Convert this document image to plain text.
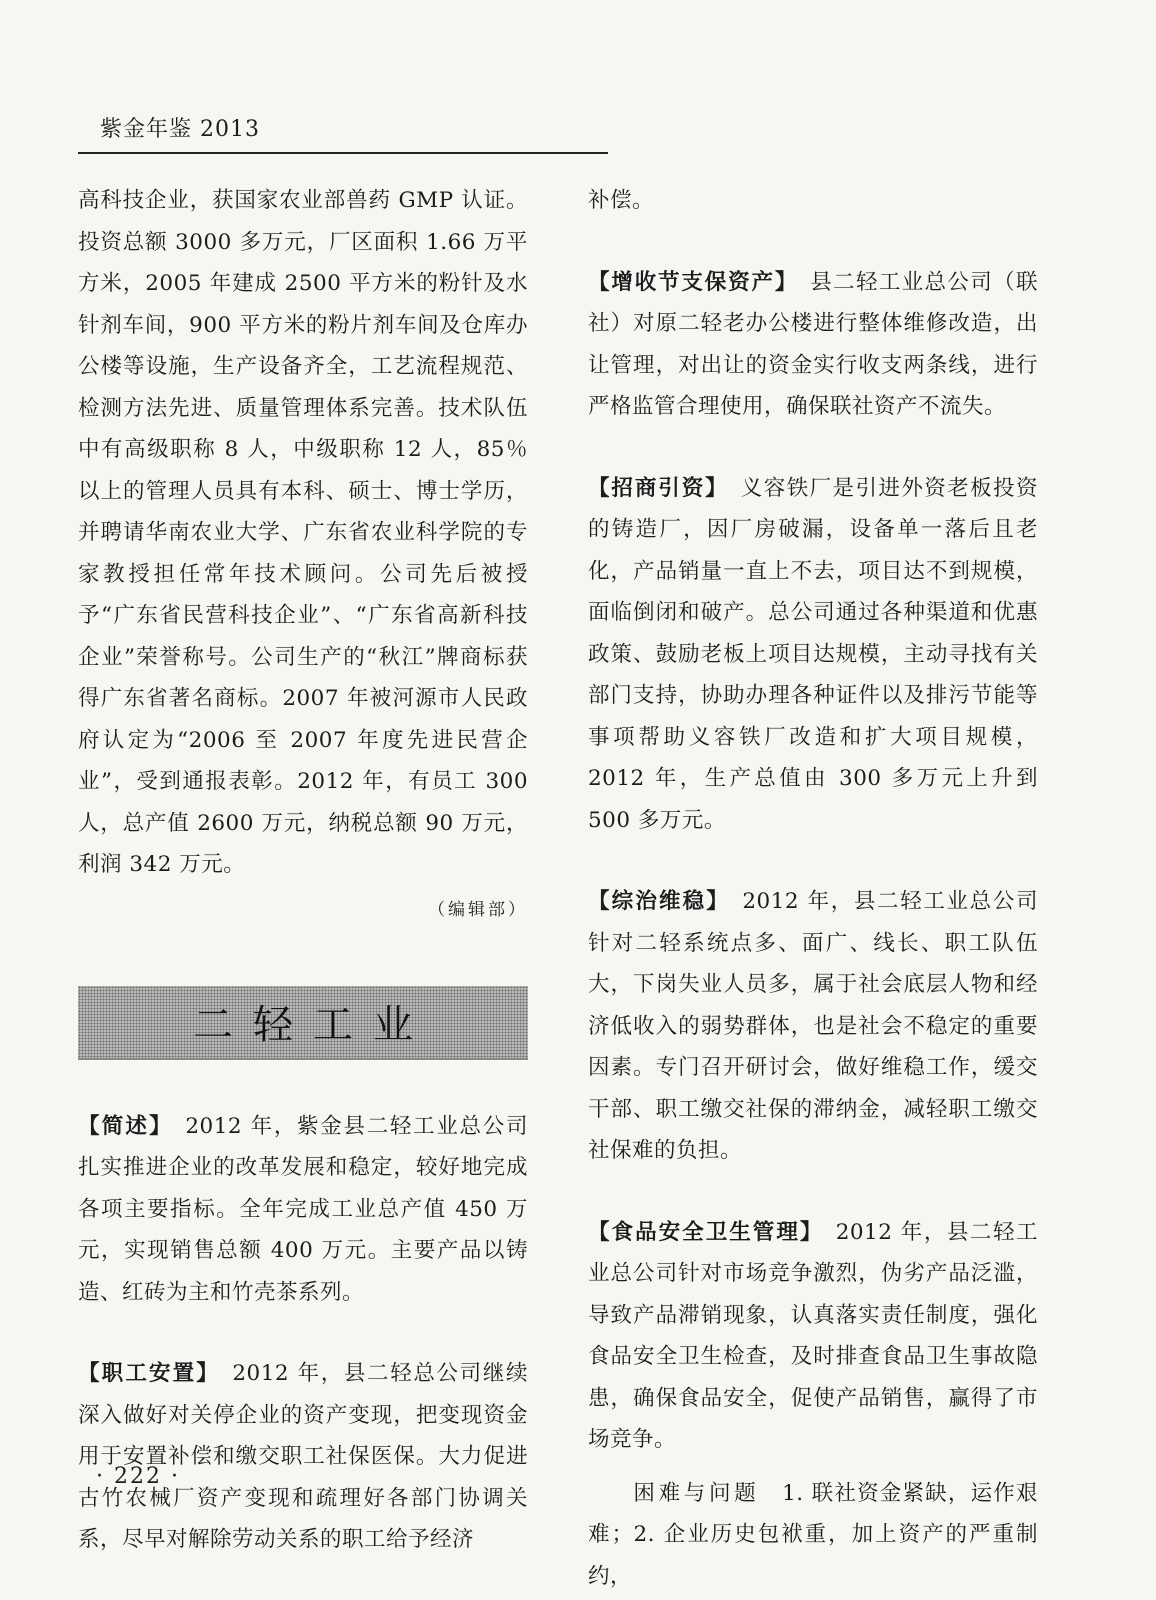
紫金年鉴 2013

高科技企业，获国家农业部兽药 GMP 认证。投资总额 3000 多万元，厂区面积 1.66 万平方米，2005 年建成 2500 平方米的粉针及水针剂车间，900 平方米的粉片剂车间及仓库办公楼等设施，生产设备齐全，工艺流程规范、检测方法先进、质量管理体系完善。技术队伍中有高级职称 8 人，中级职称 12 人，85％以上的管理人员具有本科、硕士、博士学历，并聘请华南农业大学、广东省农业科学院的专家教授担任常年技术顾问。公司先后被授予“广东省民营科技企业”、“广东省高新科技企业”荣誉称号。公司生产的“秋江”牌商标获得广东省著名商标。2007 年被河源市人民政府认定为“2006 至 2007 年度先进民营企业”，受到通报表彰。2012 年，有员工 300 人，总产值 2600 万元，纳税总额 90 万元，利润 342 万元。

（编辑部）
二轻工业

【简述】　2012 年，紫金县二轻工业总公司扎实推进企业的改革发展和稳定，较好地完成各项主要指标。全年完成工业总产值 450 万元，实现销售总额 400 万元。主要产品以铸造、红砖为主和竹壳茶系列。

【职工安置】　2012 年，县二轻总公司继续深入做好对关停企业的资产变现，把变现资金用于安置补偿和缴交职工社保医保。大力促进古竹农械厂资产变现和疏理好各部门协调关系，尽早对解除劳动关系的职工给予经济

补偿。

【增收节支保资产】　县二轻工业总公司（联社）对原二轻老办公楼进行整体维修改造，出让管理，对出让的资金实行收支两条线，进行严格监管合理使用，确保联社资产不流失。

【招商引资】　义容铁厂是引进外资老板投资的铸造厂，因厂房破漏，设备单一落后且老化，产品销量一直上不去，项目达不到规模，面临倒闭和破产。总公司通过各种渠道和优惠政策、鼓励老板上项目达规模，主动寻找有关部门支持，协助办理各种证件以及排污节能等事项帮助义容铁厂改造和扩大项目规模，2012 年，生产总值由 300 多万元上升到 500 多万元。

【综治维稳】　2012 年，县二轻工业总公司针对二轻系统点多、面广、线长、职工队伍大，下岗失业人员多，属于社会底层人物和经济低收入的弱势群体，也是社会不稳定的重要因素。专门召开研讨会，做好维稳工作，缓交干部、职工缴交社保的滞纳金，减轻职工缴交社保难的负担。

【食品安全卫生管理】　2012 年，县二轻工业总公司针对市场竞争激烈，伪劣产品泛滥，导致产品滞销现象，认真落实责任制度，强化食品安全卫生检查，及时排查食品卫生事故隐患，确保食品安全，促使产品销售，赢得了市场竞争。

　　困难与问题　1. 联社资金紧缺，运作艰难；2. 企业历史包袱重，加上资产的严重制约，

· 222 ·
